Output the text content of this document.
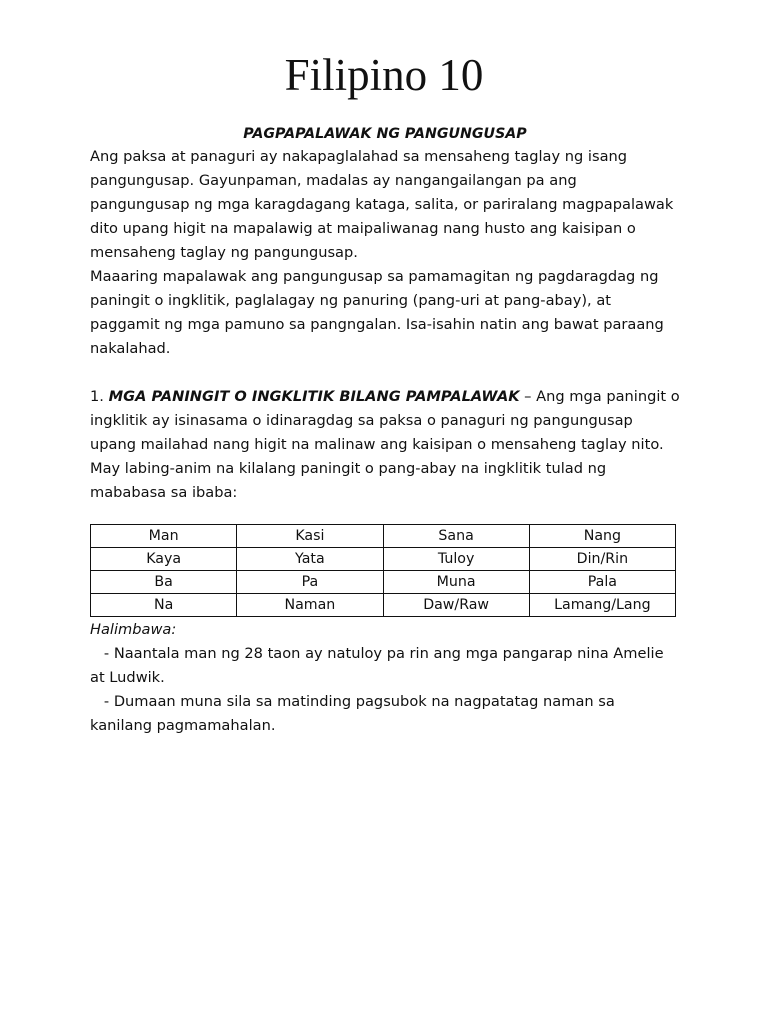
Filipino 10

PAGPAPALAWAK NG PANGUNGUSAP

Ang paksa at panaguri ay nakapaglalahad sa mensaheng taglay ng isang pangungusap. Gayunpaman, madalas ay nangangailangan pa ang pangungusap ng mga karagdagang kataga, salita, or pariralang magpapalawak dito upang higit na mapalawig at maipaliwanag nang husto ang kaisipan o mensaheng taglay ng pangungusap.

Maaaring mapalawak ang pangungusap sa pamamagitan ng pagdaragdag ng paningit o ingklitik, paglalagay ng panuring (pang-uri at pang-abay), at paggamit ng mga pamuno sa pangngalan. Isa-isahin natin ang bawat paraang nakalahad.

1. MGA PANINGIT O INGKLITIK BILANG PAMPALAWAK – Ang mga paningit o ingklitik ay isinasama o idinaragdag sa paksa o panaguri ng pangungusap upang mailahad nang higit na malinaw ang kaisipan o mensaheng taglay nito. May labing-anim na kilalang paningit o pang-abay na ingklitik tulad ng mababasa sa ibaba:

Man	Kasi	Sana	Nang
Kaya	Yata	Tuloy	Din/Rin
Ba	Pa	Muna	Pala
Na	Naman	Daw/Raw	Lamang/Lang

Halimbawa:

- Naantala man ng 28 taon ay natuloy pa rin ang mga pangarap nina Amelie at Ludwik.

- Dumaan muna sila sa matinding pagsubok na nagpatatag naman sa kanilang pagmamahalan.
